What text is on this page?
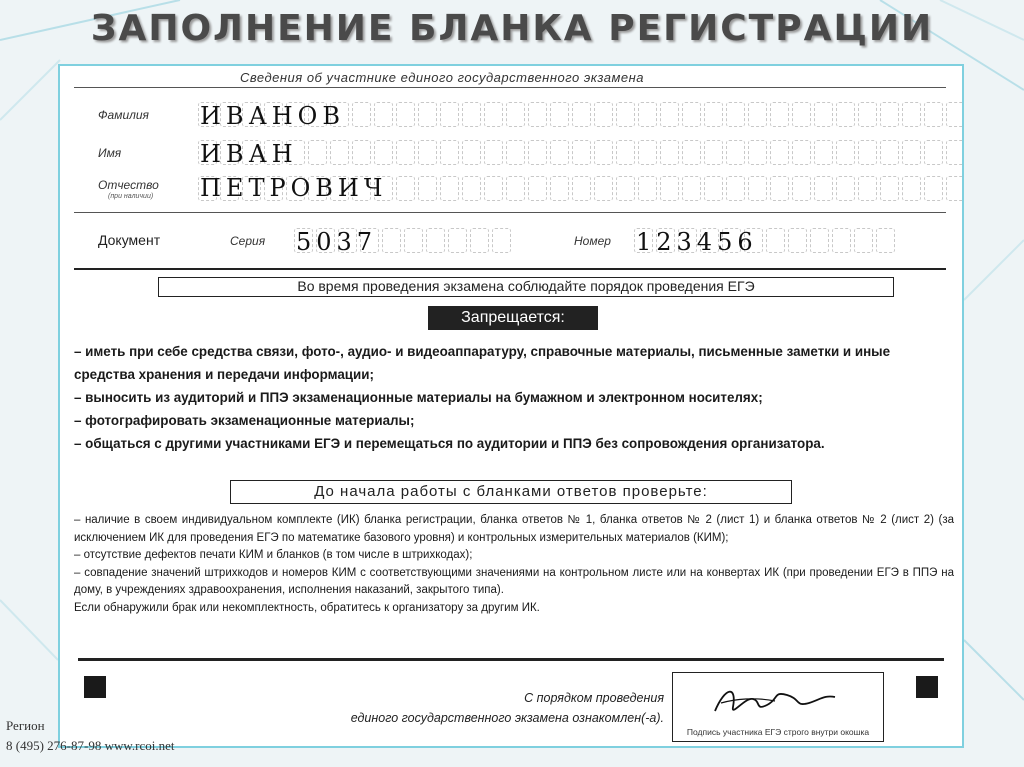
ЗАПОЛНЕНИЕ БЛАНКА РЕГИСТРАЦИИ
Сведения об участнике единого государственного экзамена
Фамилия ИВАНОВ
Имя	ИВАН
Отчество
(при наличии) ПЕТРОВИЧ
Документ	Серия 5037	Номер 123456
Во время проведения экзамена соблюдайте порядок проведения ЕГЭ
Запрещается:
– иметь при себе средства связи, фото-, аудио- и видеоаппаратуру, справочные материалы, письменные заметки и иные средства хранения и передачи информации;
– выносить из аудиторий и ППЭ экзаменационные материалы на бумажном и электронном носителях;
– фотографировать экзаменационные материалы;
– общаться с другими участниками ЕГЭ и перемещаться по аудитории и ППЭ без сопровождения организатора.
До начала работы с бланками ответов проверьте:
– наличие в своем индивидуальном комплекте (ИК) бланка регистрации, бланка ответов № 1, бланка ответов № 2 (лист 1) и бланка ответов № 2 (лист 2) (за исключением ИК для проведения ЕГЭ по математике базового уровня) и контрольных измерительных материалов (КИМ);
– отсутствие дефектов печати КИМ и бланков (в том числе в штрихкодах);
– совпадение значений штрихкодов и номеров КИМ с соответствующими значениями на контрольном листе или на конвертах ИК (при проведении ЕГЭ в ППЭ на дому, в учреждениях здравоохранения, исполнения наказаний, закрытого типа).
Если обнаружили брак или некомплектность, обратитесь к организатору за другим ИК.
С порядком проведения
единого государственного экзамена ознакомлен(-а).
Подпись участника ЕГЭ строго внутри окошка
Регион
8 (495) 276-87-98 www.rcoi.net
